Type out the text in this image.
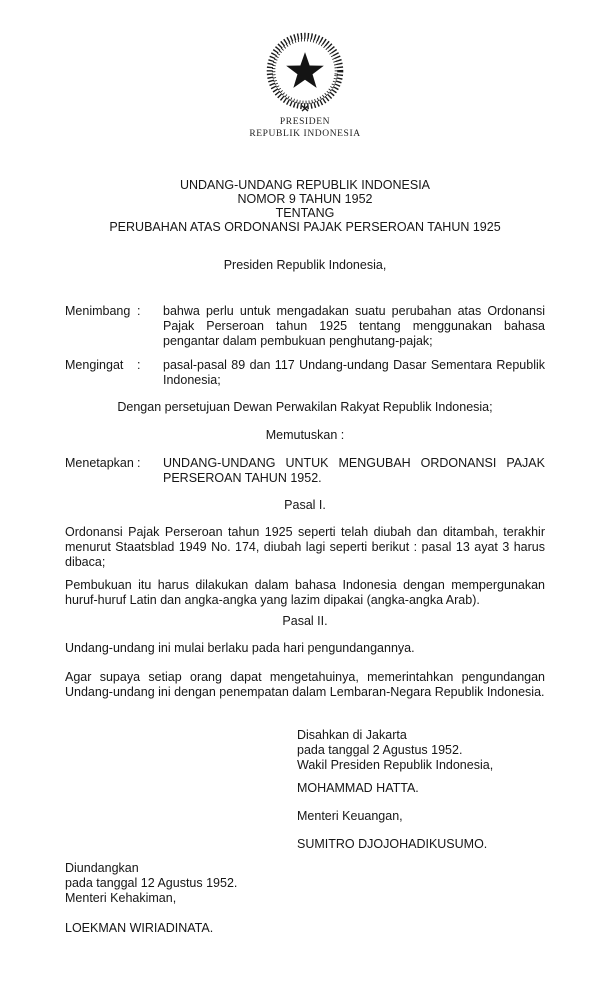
PRESIDEN
REPUBLIK INDONESIA
UNDANG-UNDANG REPUBLIK INDONESIA
NOMOR 9 TAHUN 1952
TENTANG
PERUBAHAN ATAS ORDONANSI PAJAK PERSEROAN TAHUN 1925
Presiden Republik Indonesia,
Menimbang :	bahwa perlu untuk mengadakan suatu perubahan atas Ordonansi Pajak Perseroan tahun 1925 tentang menggunakan bahasa pengantar dalam pembukuan penghutang-pajak;
Mengingat	:	pasal-pasal 89 dan 117 Undang-undang Dasar Sementara Republik Indonesia;
Dengan persetujuan Dewan Perwakilan Rakyat Republik Indonesia;
Memutuskan :
Menetapkan :	UNDANG-UNDANG UNTUK MENGUBAH ORDONANSI PAJAK PERSEROAN TAHUN 1952.
Pasal I.
Ordonansi Pajak Perseroan tahun 1925 seperti telah diubah dan ditambah, terakhir menurut Staatsblad 1949 No. 174, diubah lagi seperti berikut : pasal 13 ayat 3 harus dibaca;
Pembukuan itu harus dilakukan dalam bahasa Indonesia dengan mempergunakan huruf-huruf Latin dan angka-angka yang lazim dipakai (angka-angka Arab).
Pasal II.
Undang-undang ini mulai berlaku pada hari pengundangannya.
Agar supaya setiap orang dapat mengetahuinya, memerintahkan pengundangan Undang-undang ini dengan penempatan dalam Lembaran-Negara Republik Indonesia.
Disahkan di Jakarta
pada tanggal 2 Agustus 1952.
Wakil Presiden Republik Indonesia,
MOHAMMAD HATTA.
Menteri Keuangan,
SUMITRO DJOJOHADIKUSUMO.
Diundangkan
pada tanggal 12 Agustus 1952.
Menteri Kehakiman,
LOEKMAN WIRIADINATA.
